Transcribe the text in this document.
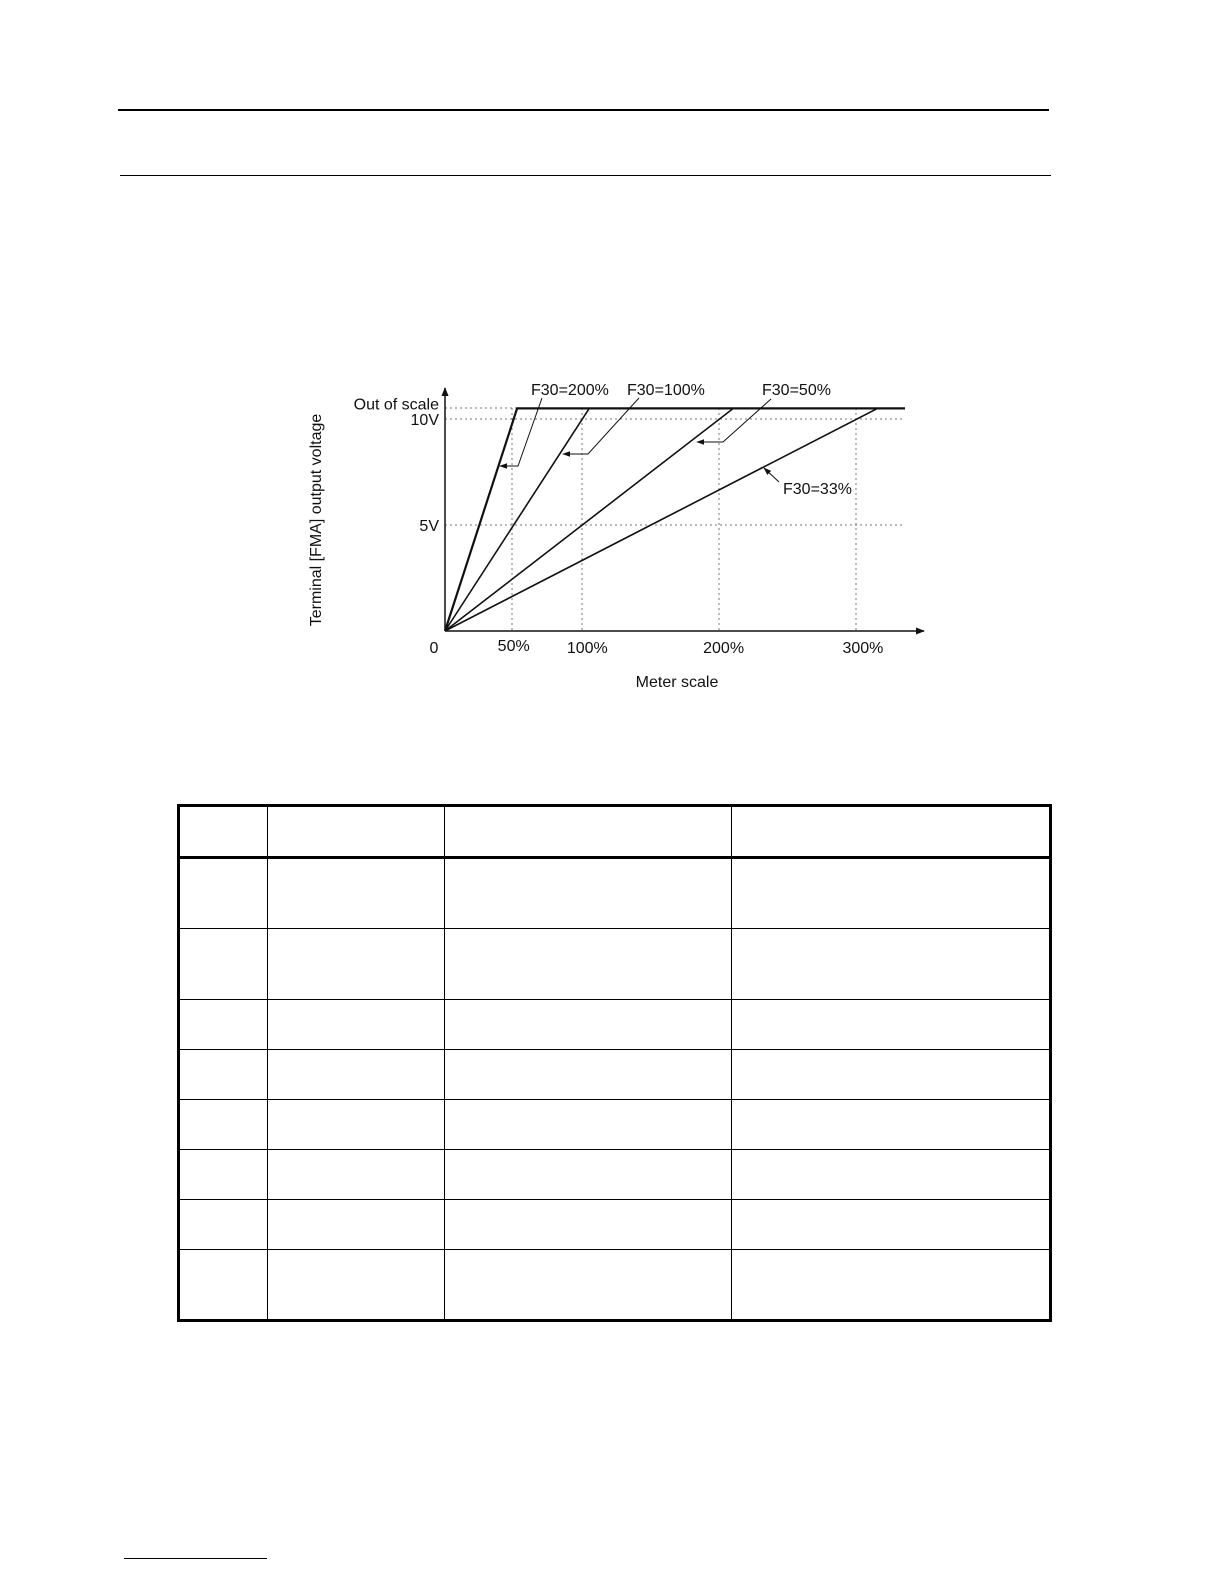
0	50% 100%	200%	300%
5V
10V
Out of scale
F30=200% F30=100%	F30=50%
F30=33%
Terminal [FMA] output voltage
Meter scale
